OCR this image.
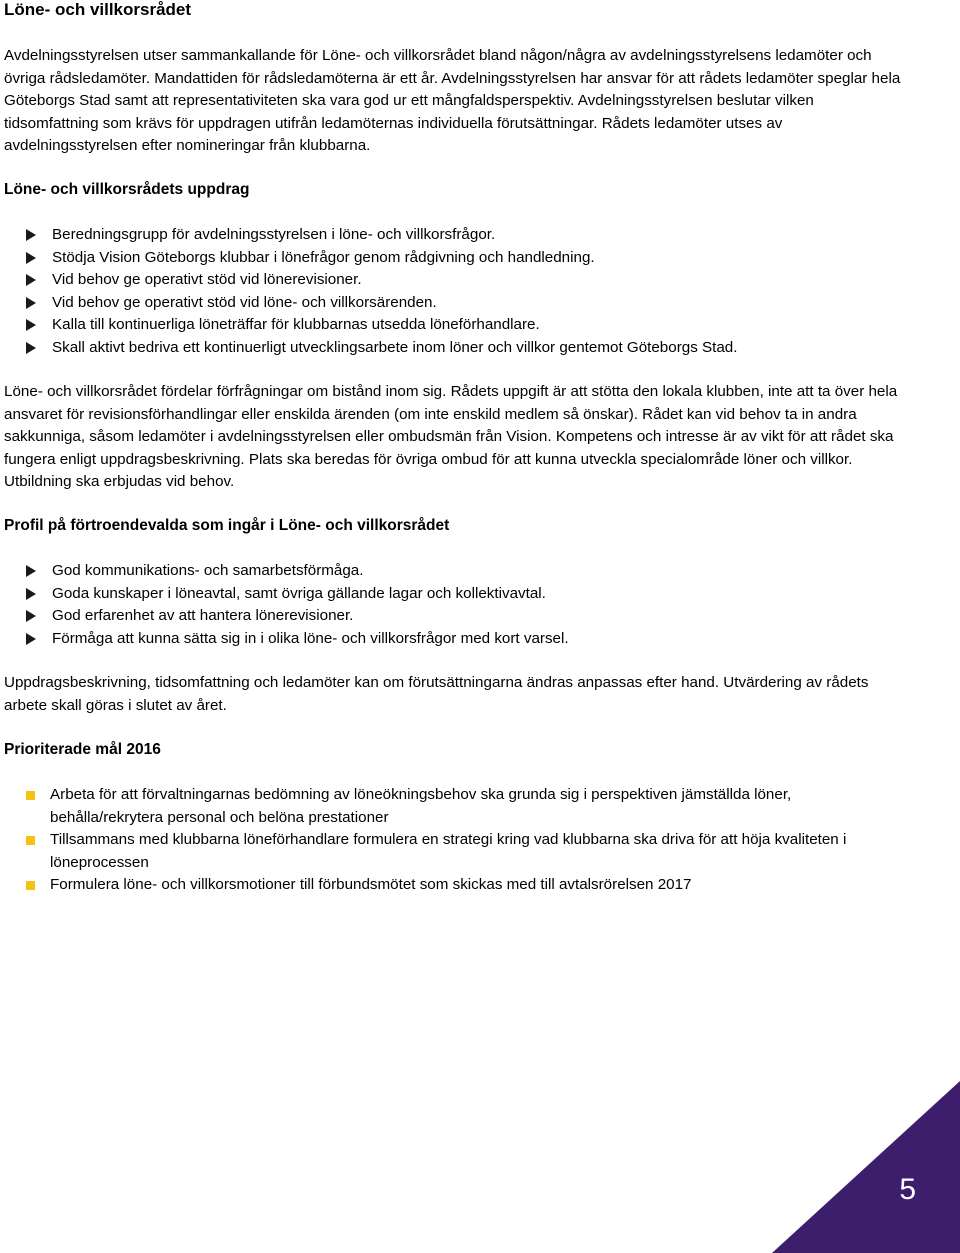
Löne- och villkorsrådet

Avdelningsstyrelsen utser sammankallande för Löne- och villkorsrådet bland någon/några av avdelningsstyrelsens ledamöter och övriga rådsledamöter. Mandattiden för rådsledamöterna är ett år. Avdelningsstyrelsen har ansvar för att rådets ledamöter speglar hela Göteborgs Stad samt att representativiteten ska vara god ur ett mångfaldsperspektiv. Avdelningsstyrelsen beslutar vilken tidsomfattning som krävs för uppdragen utifrån ledamöternas individuella förutsättningar. Rådets ledamöter utses av avdelningsstyrelsen efter nomineringar från klubbarna.

Löne- och villkorsrådets uppdrag
Beredningsgrupp för avdelningsstyrelsen i löne- och villkorsfrågor.
Stödja Vision Göteborgs klubbar i lönefrågor genom rådgivning och handledning.
Vid behov ge operativt stöd vid lönerevisioner.
Vid behov ge operativt stöd vid löne- och villkorsärenden.
Kalla till kontinuerliga löneträffar för klubbarnas utsedda löneförhandlare.
Skall aktivt bedriva ett kontinuerligt utvecklingsarbete inom löner och villkor gentemot Göteborgs Stad.

Löne- och villkorsrådet fördelar förfrågningar om bistånd inom sig. Rådets uppgift är att stötta den lokala klubben, inte att ta över hela ansvaret för revisionsförhandlingar eller enskilda ärenden (om inte enskild medlem så önskar). Rådet kan vid behov ta in andra sakkunniga, såsom ledamöter i avdelningsstyrelsen eller ombudsmän från Vision. Kompetens och intresse är av vikt för att rådet ska fungera enligt uppdragsbeskrivning. Plats ska beredas för övriga ombud för att kunna utveckla specialområde löner och villkor. Utbildning ska erbjudas vid behov.

Profil på förtroendevalda som ingår i Löne- och villkorsrådet
God kommunikations- och samarbetsförmåga.
Goda kunskaper i löneavtal, samt övriga gällande lagar och kollektivavtal.
God erfarenhet av att hantera lönerevisioner.
Förmåga att kunna sätta sig in i olika löne- och villkorsfrågor med kort varsel.

Uppdragsbeskrivning, tidsomfattning och ledamöter kan om förutsättningarna ändras anpassas efter hand. Utvärdering av rådets arbete skall göras i slutet av året.

Prioriterade mål 2016
Arbeta för att förvaltningarnas bedömning av löneökningsbehov ska grunda sig i perspektiven jämställda löner, behålla/rekrytera personal och belöna prestationer
Tillsammans med klubbarna löneförhandlare formulera en strategi kring vad klubbarna ska driva för att höja kvaliteten i löneprocessen
Formulera löne- och villkorsmotioner till förbundsmötet som skickas med till avtalsrörelsen 2017
5
